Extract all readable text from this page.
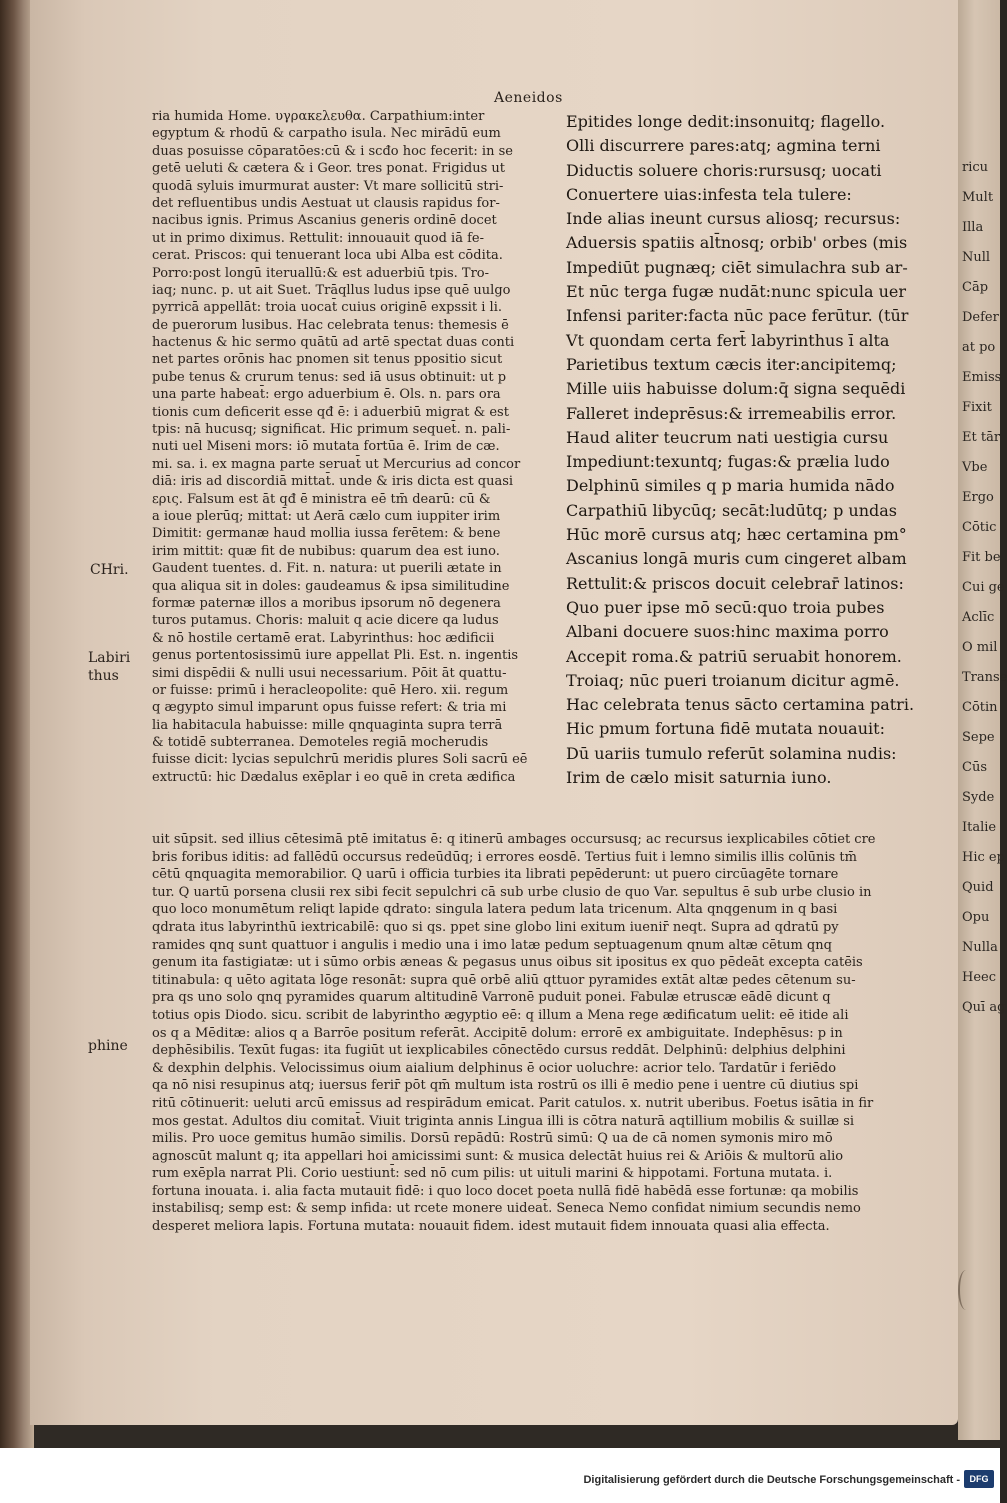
ricu
Mult
Illa
Null
Cāp
Defer
at po
Emiss
Fixit
Et tār
Vbe
Ergo
Cōtic
Fit be
Cui ge
Aclīc
O mil
Transe
Cōtin
Sepe
Cūs
Syde
Italie
Hic ep
Quid
Opu
Nulla
Heec
Quī ag
Aeneidos
ria humida Home. υγρακελευθα. Carpathium:inter
egyptum & rhodū & carpatho isula. Nec mirādū eum
duas posuisse cōparatōes:cū & i scđo hoc fecerit: in se
getē ueluti & cætera & i Geor. tres ponat. Frigidus ut
quodā syluis imurmurat auster: Vt mare sollicitū stri-
det refluentibus undis Aestuat ut clausis rapidus for-
nacibus ignis. Primus Ascanius generis ordinē docet
ut in primo diximus. Rettulit: innouauit quod iā fe-
cerat. Priscos: qui tenuerant loca ubi Alba est cōdita.
Porro:post longū iteruallū:& est aduerbiū tpis. Tro-
iaq; nunc. p. ut ait Suet. Trāqllus ludus ipse quē uulgo
pyrricā appellāt: troia uocat̄ cuius originē expssit i li.
de puerorum lusibus. Hac celebrata tenus: themesis ē
hactenus & hic sermo quātū ad artē spectat duas conti
net partes orōnis hac pnomen sit tenus ppositio sicut
pube tenus & crurum tenus: sed iā usus obtinuit: ut p
una parte habeat̄: ergo aduerbium ē. Ols. n. pars ora
tionis cum deficerit esse qđ ē: i aduerbiū migrat & est
tpis: nā hucusq; significat. Hic primum sequet̄. n. pali-
nuti uel Miseni mors: iō mutata fortūa ē. Irim de cæ.
mi. sa. i. ex magna parte seruat̄ ut Mercurius ad concor
diā: iris ad discordiā mittat̄. unde & iris dicta est quasi
ερις. Falsum est āt qđ ē ministra eē tm̄ dearū: cū &
a ioue plerūq; mittat̄: ut Aerā cælo cum iuppiter irim
Dimitit: germanæ haud mollia iussa ferētem: & bene
irim mittit: quæ fit de nubibus: quarum dea est iuno.
Gaudent tuentes. d. Fit. n. natura: ut puerili ætate in
qua aliqua sit in doles: gaudeamus & ipsa similitudine
formæ paternæ illos a moribus ipsorum nō degenera
turos putamus. Choris: maluit q acie dicere qa ludus
& nō hostile certamē erat. Labyrinthus: hoc ædificii
genus portentosissimū iure appellat Pli. Est. n. ingentis
simi dispēdii & nulli usui necessarium. Pōit āt quattu-
or fuisse: primū i heracleopolite: quē Hero. xii. regum
q ægypto simul imparunt opus fuisse refert: & tria mi
lia habitacula habuisse: mille qnquaginta supra terrā
& totidē subterranea. Demoteles regiā mocherudis
fuisse dicit: lycias sepulchrū meridis plures Soli sacrū eē
extructū: hic Dædalus exēplar i eo quē in creta ædifica
Epitides longe dedit:insonuitq; flagello.
Olli discurrere pares:atq; agmina terni
Diductis soluere choris:rursusq; uocati
Conuertere uias:infesta tela tulere:
Inde alias ineunt cursus aliosq; recursus:
Aduersis spatiis alt̄nosq; orbib' orbes (mis
Impediūt pugnæq; ciēt simulachra sub ar-
Et nūc terga fugæ nudāt:nunc spicula uer
Infensi pariter:facta nūc pace ferūtur. (tūr
Vt quondam certa fert̄ labyrinthus ī alta
Parietibus textum cæcis iter:ancipitemq;
Mille uiis habuisse dolum:q̄ signa sequēdi
Falleret indeprēsus:& irremeabilis error.
Haud aliter teucrum nati uestigia cursu
Impediunt:texuntq; fugas:& prælia ludo
Delphinū similes q p maria humida nādo
Carpathiū libycūq; secāt:ludūtq; p undas
Hūc morē cursus atq; hæc certamina pm°
Ascanius longā muris cum cingeret albam
Rettulit:& priscos docuit celebrar̄ latinos:
Quo puer ipse mō secū:quo troia pubes
Albani docuere suos:hinc maxima porro
Accepit roma.& patriū seruabit honorem.
Troiaq; nūc pueri troianum dicitur agmē.
Hac celebrata tenus sācto certamina patri.
Hic pmum fortuna fidē mutata nouauit:
Dū uariis tumulo referūt solamina nudis:
Irim de cælo misit saturnia iuno.
uit sūpsit. sed illius cētesimā ptē imitatus ē: q itinerū ambages occursusq; ac recursus iexplicabiles cōtiet cre
bris foribus iditis: ad fallēdū occursus redeūdūq; i errores eosdē. Tertius fuit i lemno similis illis colūnis tm̄
cētū qnquagita memorabilior. Q uarū i officia turbies ita librati pepēderunt: ut puero circūagēte tornare
tur. Q uartū porsena clusii rex sibi fecit sepulchri cā sub urbe clusio de quo Var. sepultus ē sub urbe clusio in
quo loco monumētum reliqt lapide qdrato: singula latera pedum lata tricenum. Alta qnqgenum in q basi
qdrata itus labyrinthū iextricabilē: quo si qs. ppet sine globo lini exitum iuenir̄ neqt. Supra ad qdratū py
ramides qnq sunt quattuor i angulis i medio una i imo latæ pedum septuagenum qnum altæ cētum qnq
genum ita fastigiatæ: ut i sūmo orbis æneas & pegasus unus oibus sit ipositus ex quo pēdeāt excepta catēis
titinabula: q uēto agitata lōge resonāt: supra quē orbē aliū qttuor pyramides extāt altæ pedes cētenum su-
pra qs uno solo qnq pyramides quarum altitudinē Varronē puduit ponei. Fabulæ etruscæ eādē dicunt q
totius opis Diodo. sicu. scribit de labyrintho ægyptio eē: q illum a Mena rege ædificatum uelit: eē itide ali
os q a Mēditæ: alios q a Barrōe positum referāt. Accipitē dolum: errorē ex ambiguitate. Indephēsus: p in
dephēsibilis. Texūt fugas: ita fugiūt ut iexplicabiles cōnectēdo cursus reddāt. Delphinū: delphius delphini
& dexphin delphis. Velocissimus oium aialium delphinus ē ocior uoluchre: acrior telo. Tardatūr i feriēdo
qa nō nisi resupinus atq; iuersus ferir̄ pōt qm̄ multum ista rostrū os illi ē medio pene i uentre cū diutius spi
ritū cōtinuerit: ueluti arcū emissus ad respirādum emicat. Parit catulos. x. nutrit uberibus. Foetus isātia in fir
mos gestat. Adultos diu comitat̄. Viuit triginta annis Lingua illi is cōtra naturā aqtillium mobilis & suillæ si
milis. Pro uoce gemitus humāo similis. Dorsū repādū: Rostrū simū: Q ua de cā nomen symonis miro mō
agnoscūt malunt q; ita appellari hoi amicissimi sunt: & musica delectāt huius rei & Ariōis & multorū alio
rum exēpla narrat Pli. Corio uestiunt̄: sed nō cum pilis: ut uituli marini & hippotami. Fortuna mutata. i.
fortuna inouata. i. alia facta mutauit fidē: i quo loco docet poeta nullā fidē habēdā esse fortunæ: qa mobilis
instabilisq; semp est: & semp infida: ut rcete monere uideat̄. Seneca Nemo confidat nimium secundis nemo
desperet meliora lapis. Fortuna mutata: nouauit fidem. idest mutauit fidem innouata quasi alia effecta.
CHri.
Labiri
thus
phine
Digitalisierung gefördert durch die Deutsche Forschungsgemeinschaft -	DFG
